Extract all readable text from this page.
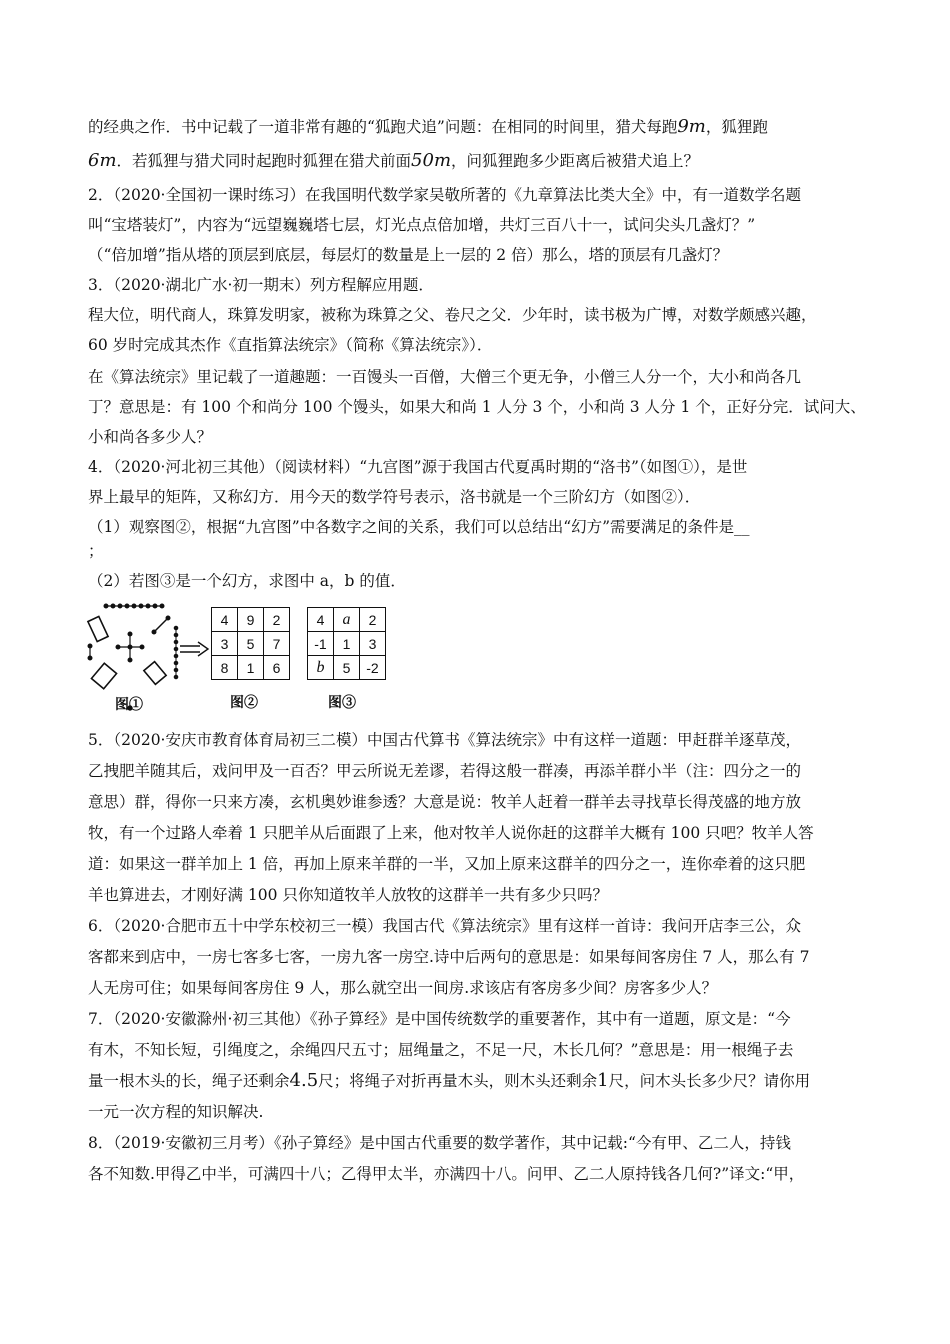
的经典之作．书中记载了一道非常有趣的“狐跑犬追”问题：在相同的时间里，猎犬每跑9m，狐狸跑
6m．若狐狸与猎犬同时起跑时狐狸在猎犬前面50m，问狐狸跑多少距离后被猎犬追上？
2．（2020·全国初一课时练习）在我国明代数学家吴敬所著的《九章算法比类大全》中，有一道数学名题
叫“宝塔装灯”，内容为“远望巍巍塔七层，灯光点点倍加增，共灯三百八十一，试问尖头几盏灯？”
（“倍加增”指从塔的顶层到底层，每层灯的数量是上一层的 2 倍）那么，塔的顶层有几盏灯？
3．（2020·湖北广水·初一期末）列方程解应用题．
程大位，明代商人，珠算发明家，被称为珠算之父、卷尺之父．少年时，读书极为广博，对数学颇感兴趣，
60 岁时完成其杰作《直指算法统宗》（简称《算法统宗》）．
在《算法统宗》里记载了一道趣题：一百馒头一百僧，大僧三个更无争，小僧三人分一个，大小和尚各几
丁？意思是：有 100 个和尚分 100 个馒头，如果大和尚 1 人分 3 个，小和尚 3 人分 1 个，正好分完．试问大、
小和尚各多少人？
4．（2020·河北初三其他）（阅读材料）“九宫图”源于我国古代夏禹时期的“洛书”（如图①），是世
界上最早的矩阵，又称幻方．用今天的数学符号表示，洛书就是一个三阶幻方（如图②）．
（1）观察图②，根据“九宫图”中各数字之间的关系，我们可以总结出“幻方”需要满足的条件是__
；
（2）若图③是一个幻方，求图中 a，b 的值．
图①
4	9	2
3	5	7
8	1	6
图②
4	a	2
-1	1	3
b	5	-2
图③
5．（2020·安庆市教育体育局初三二模）中国古代算书《算法统宗》中有这样一道题：甲赶群羊逐草茂，
乙拽肥羊随其后，戏问甲及一百否？甲云所说无差谬，若得这般一群凑，再添羊群小半（注：四分之一的
意思）群，得你一只来方凑，玄机奥妙谁参透？大意是说：牧羊人赶着一群羊去寻找草长得茂盛的地方放
牧，有一个过路人牵着 1 只肥羊从后面跟了上来，他对牧羊人说你赶的这群羊大概有 100 只吧？牧羊人答
道：如果这一群羊加上 1 倍，再加上原来羊群的一半，又加上原来这群羊的四分之一，连你牵着的这只肥
羊也算进去，才刚好满 100 只你知道牧羊人放牧的这群羊一共有多少只吗？
6．（2020·合肥市五十中学东校初三一模）我国古代《算法统宗》里有这样一首诗：我问开店李三公，众
客都来到店中，一房七客多七客，一房九客一房空.诗中后两句的意思是：如果每间客房住 7 人，那么有 7
人无房可住；如果每间客房住 9 人，那么就空出一间房.求该店有客房多少间？房客多少人？
7．（2020·安徽滁州·初三其他）《孙子算经》是中国传统数学的重要著作，其中有一道题，原文是：“今
有木，不知长短，引绳度之，余绳四尺五寸；屈绳量之，不足一尺，木长几何？”意思是：用一根绳子去
量一根木头的长，绳子还剩余4.5尺；将绳子对折再量木头，则木头还剩余1尺，问木头长多少尺？请你用
一元一次方程的知识解决.
8．（2019·安徽初三月考）《孙子算经》是中国古代重要的数学著作，其中记载:“今有甲、乙二人，持钱
各不知数.甲得乙中半，可满四十八；乙得甲太半，亦满四十八。问甲、乙二人原持钱各几何?”译文:“甲，
